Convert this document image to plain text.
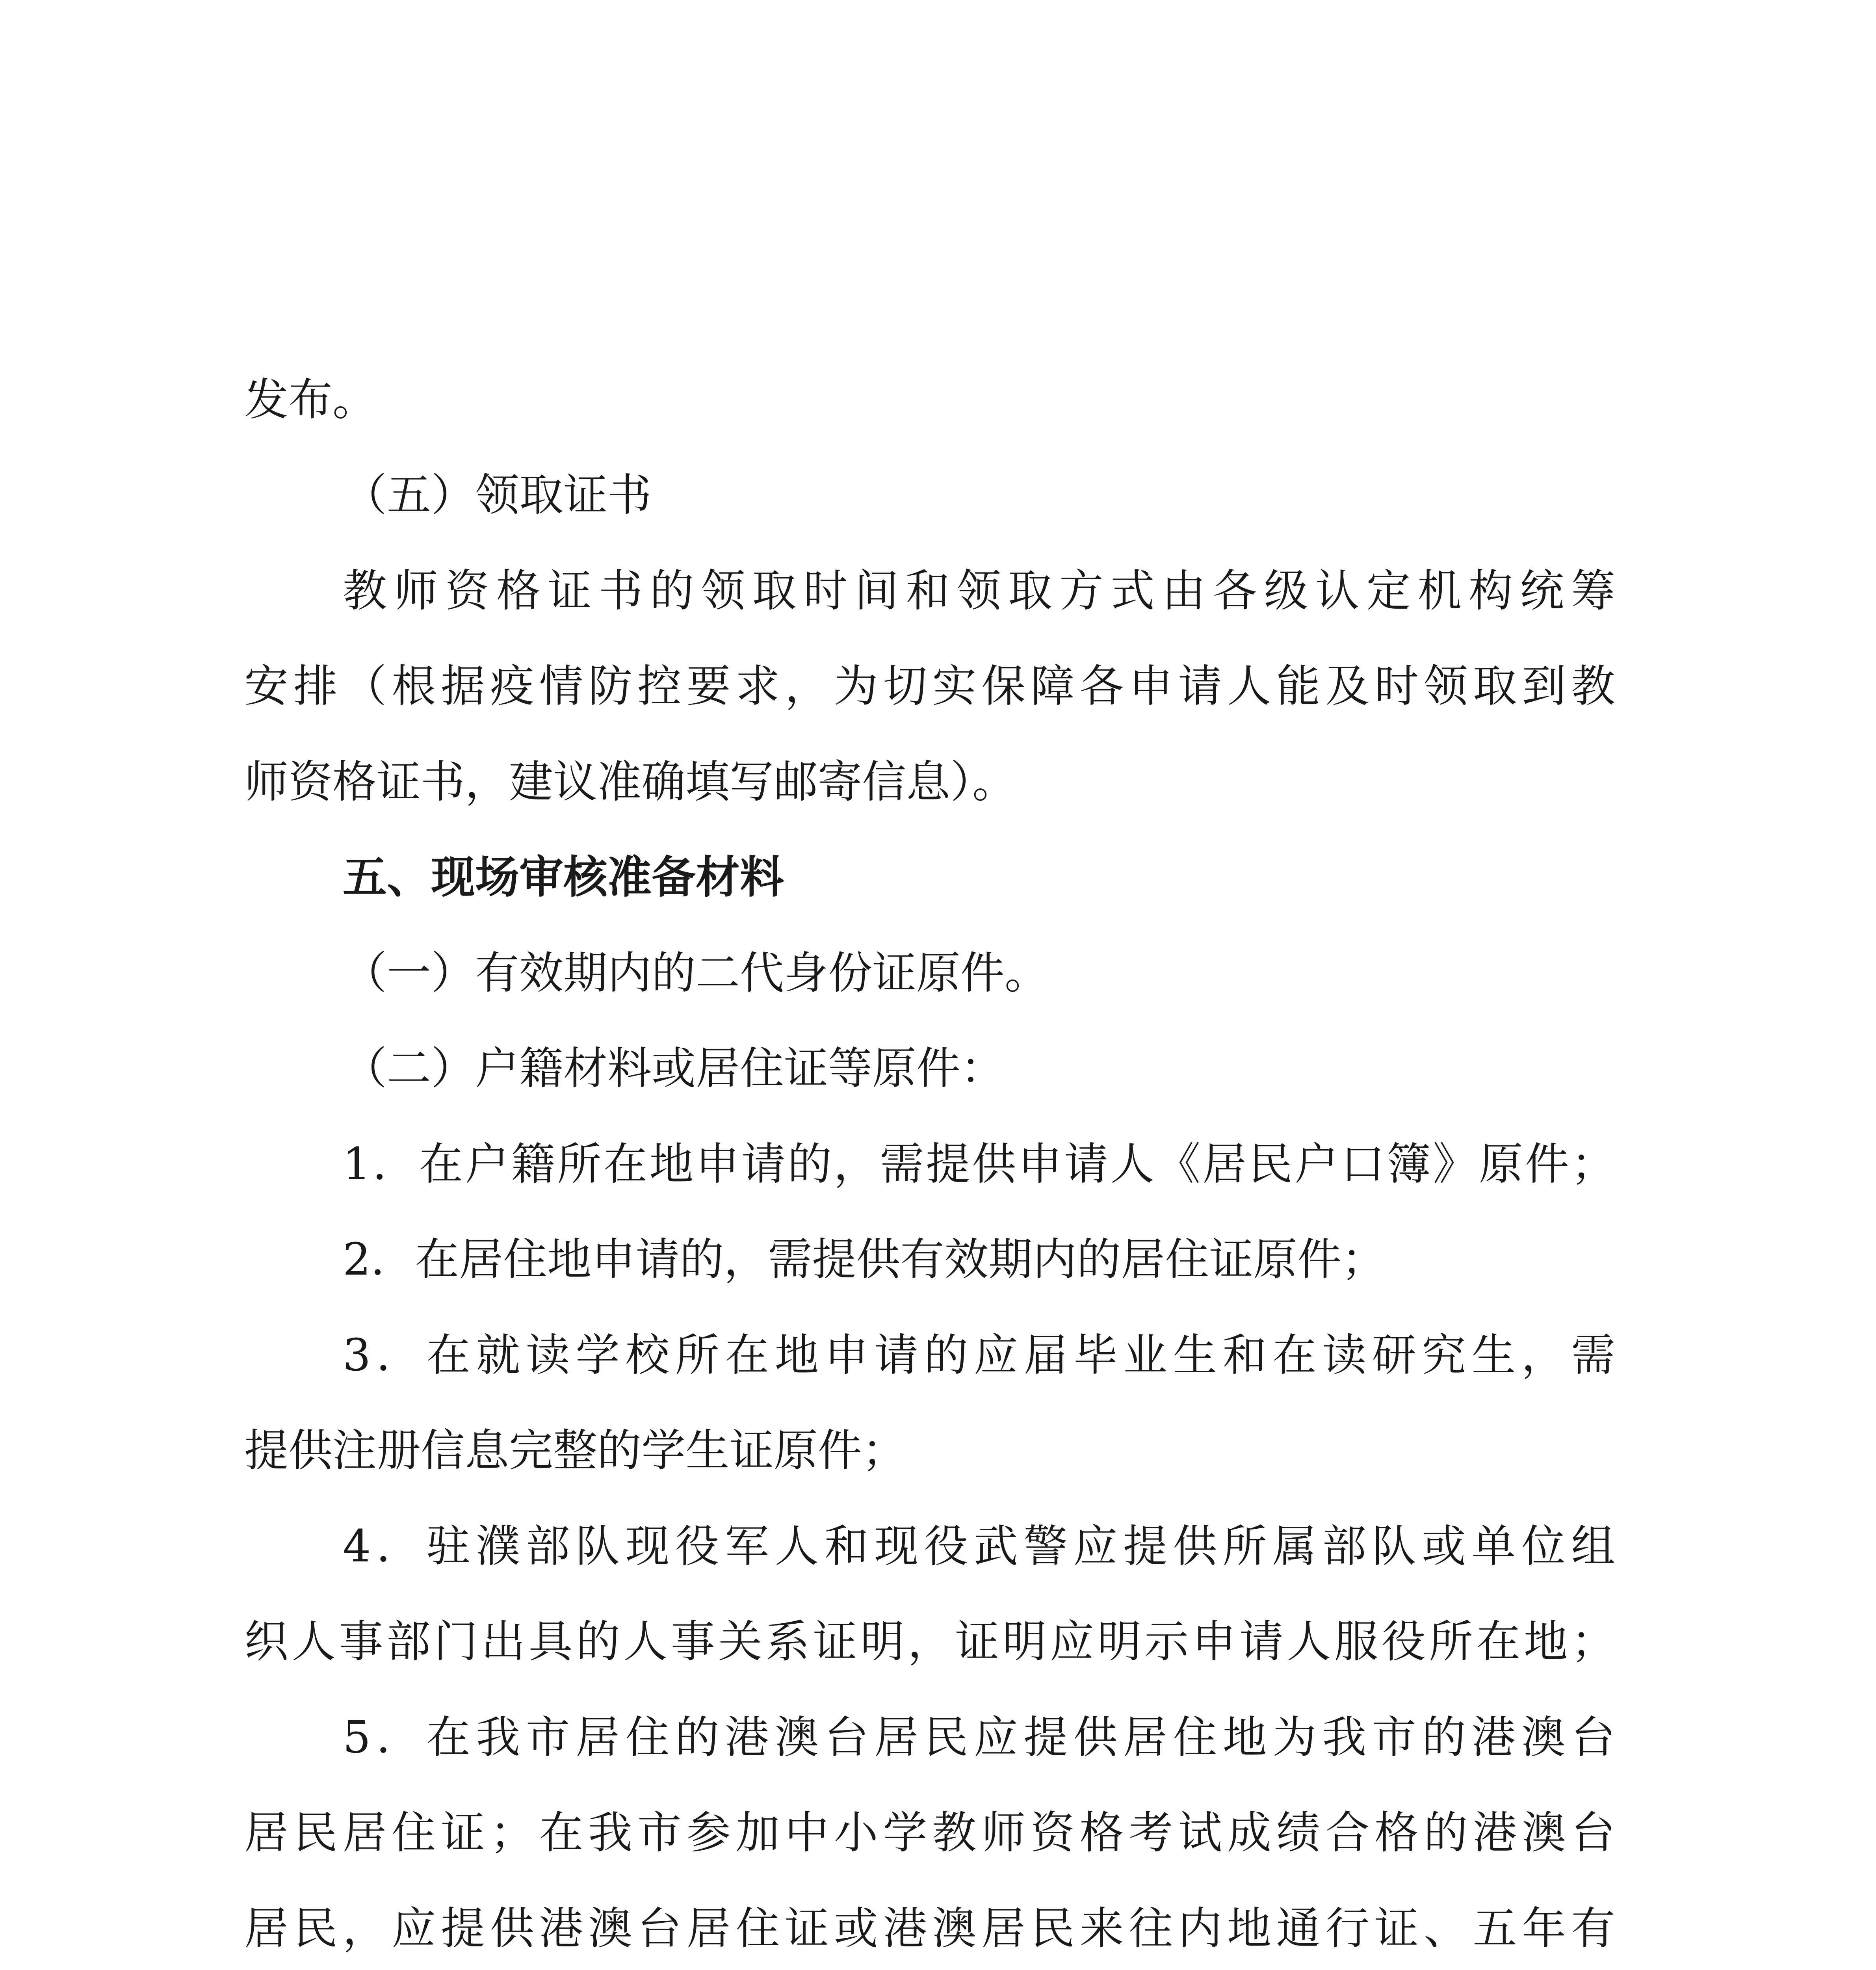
发布。
（五）领取证书
教师资格证书的领取时间和领取方式由各级认定机构统筹
安排（根据疫情防控要求，为切实保障各申请人能及时领取到教
师资格证书，建议准确填写邮寄信息）。
五、现场审核准备材料
（一）有效期内的二代身份证原件。
（二）户籍材料或居住证等原件：
1．在户籍所在地申请的，需提供申请人《居民户口簿》原件；
2．在居住地申请的，需提供有效期内的居住证原件；
3．在就读学校所在地申请的应届毕业生和在读研究生，需
提供注册信息完整的学生证原件；
4．驻濮部队现役军人和现役武警应提供所属部队或单位组
织人事部门出具的人事关系证明，证明应明示申请人服役所在地；
5．在我市居住的港澳台居民应提供居住地为我市的港澳台
居民居住证；在我市参加中小学教师资格考试成绩合格的港澳台
居民，应提供港澳台居住证或港澳居民来往内地通行证、五年有
